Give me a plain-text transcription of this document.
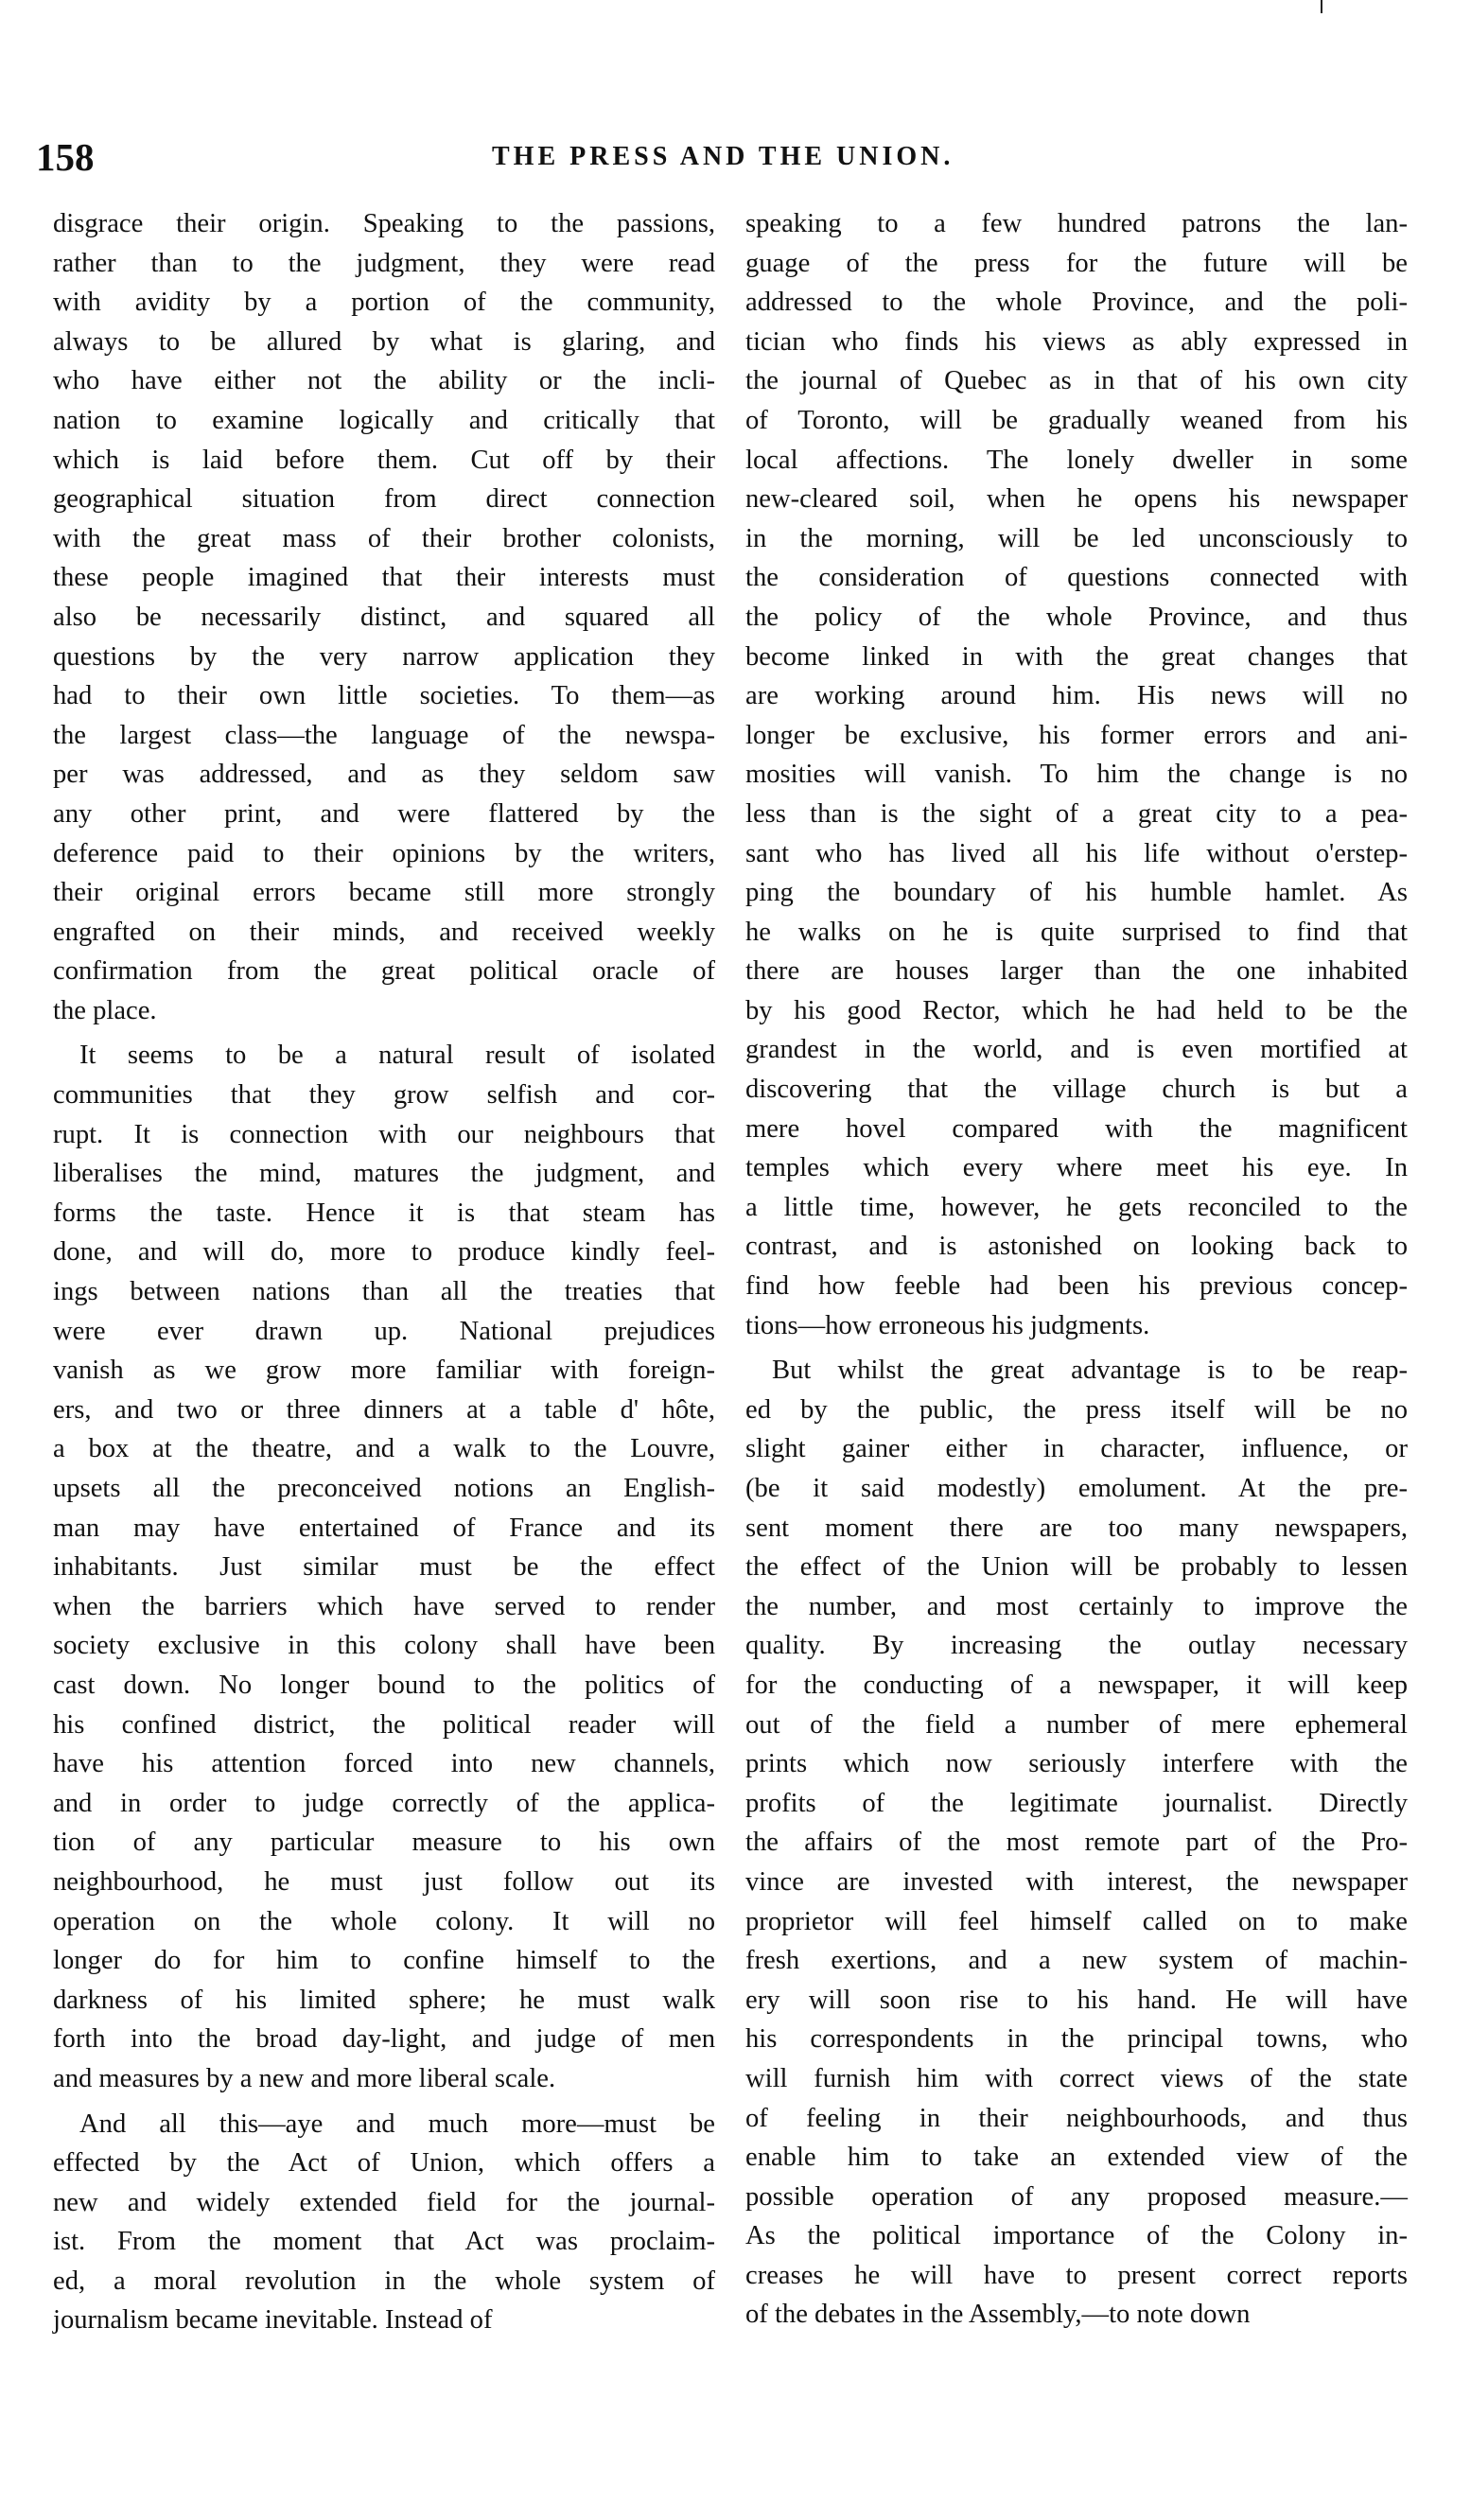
158	THE PRESS AND THE UNION.

disgrace their origin. Speaking to the passions,

rather than to the judgment, they were read

with avidity by a portion of the community,

always to be allured by what is glaring, and

who have either not the ability or the incli-

nation to examine logically and critically that

which is laid before them. Cut off by their

geographical situation from direct connection

with the great mass of their brother colonists,

these people imagined that their interests must

also be necessarily distinct, and squared all

questions by the very narrow application they

had to their own little societies. To them—as

the largest class—the language of the newspa-

per was addressed, and as they seldom saw

any other print, and were flattered by the

deference paid to their opinions by the writers,

their original errors became still more strongly

engrafted on their minds, and received weekly

confirmation from the great political oracle of

the place.

It seems to be a natural result of isolated

communities that they grow selfish and cor-

rupt. It is connection with our neighbours that

liberalises the mind, matures the judgment, and

forms the taste. Hence it is that steam has

done, and will do, more to produce kindly feel-

ings between nations than all the treaties that

were ever drawn up. National prejudices

vanish as we grow more familiar with foreign-

ers, and two or three dinners at a table d' hôte,

a box at the theatre, and a walk to the Louvre,

upsets all the preconceived notions an English-

man may have entertained of France and its

inhabitants. Just similar must be the effect

when the barriers which have served to render

society exclusive in this colony shall have been

cast down. No longer bound to the politics of

his confined district, the political reader will

have his attention forced into new channels,

and in order to judge correctly of the applica-

tion of any particular measure to his own

neighbourhood, he must just follow out its

operation on the whole colony. It will no

longer do for him to confine himself to the

darkness of his limited sphere; he must walk

forth into the broad day-light, and judge of men

and measures by a new and more liberal scale.

And all this—aye and much more—must be

effected by the Act of Union, which offers a

new and widely extended field for the journal-

ist. From the moment that Act was proclaim-

ed, a moral revolution in the whole system of

journalism became inevitable. Instead of

speaking to a few hundred patrons the lan-

guage of the press for the future will be

addressed to the whole Province, and the poli-

tician who finds his views as ably expressed in

the journal of Quebec as in that of his own city

of Toronto, will be gradually weaned from his

local affections. The lonely dweller in some

new-cleared soil, when he opens his newspaper

in the morning, will be led unconsciously to

the consideration of questions connected with

the policy of the whole Province, and thus

become linked in with the great changes that

are working around him. His news will no

longer be exclusive, his former errors and ani-

mosities will vanish. To him the change is no

less than is the sight of a great city to a pea-

sant who has lived all his life without o'erstep-

ping the boundary of his humble hamlet. As

he walks on he is quite surprised to find that

there are houses larger than the one inhabited

by his good Rector, which he had held to be the

grandest in the world, and is even mortified at

discovering that the village church is but a

mere hovel compared with the magnificent

temples which every where meet his eye. In

a little time, however, he gets reconciled to the

contrast, and is astonished on looking back to

find how feeble had been his previous concep-

tions—how erroneous his judgments.

But whilst the great advantage is to be reap-

ed by the public, the press itself will be no

slight gainer either in character, influence, or

(be it said modestly) emolument. At the pre-

sent moment there are too many newspapers,

the effect of the Union will be probably to lessen

the number, and most certainly to improve the

quality. By increasing the outlay necessary

for the conducting of a newspaper, it will keep

out of the field a number of mere ephemeral

prints which now seriously interfere with the

profits of the legitimate journalist. Directly

the affairs of the most remote part of the Pro-

vince are invested with interest, the newspaper

proprietor will feel himself called on to make

fresh exertions, and a new system of machin-

ery will soon rise to his hand. He will have

his correspondents in the principal towns, who

will furnish him with correct views of the state

of feeling in their neighbourhoods, and thus

enable him to take an extended view of the

possible operation of any proposed measure.—

As the political importance of the Colony in-

creases he will have to present correct reports

of the debates in the Assembly,—to note down
